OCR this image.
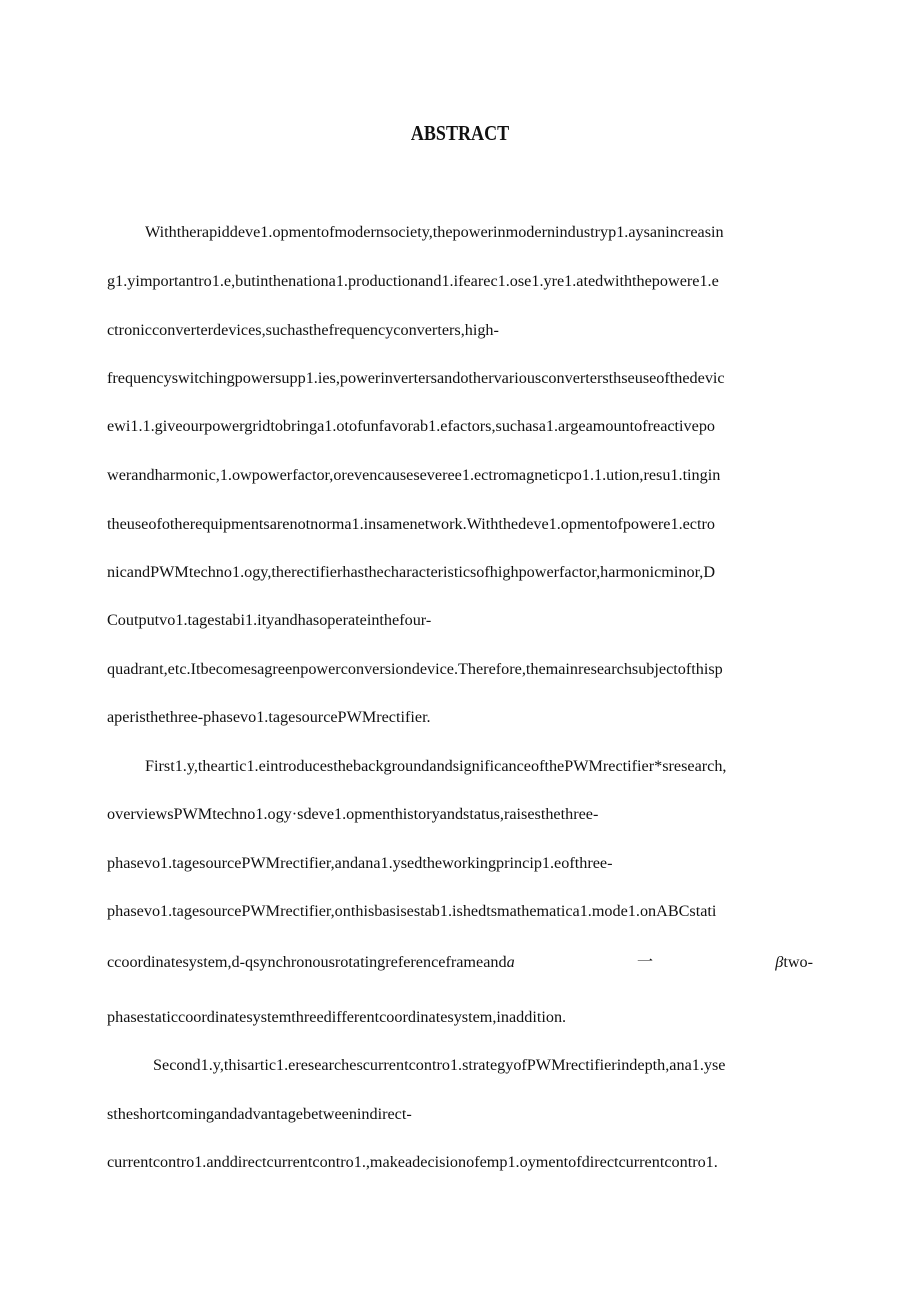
ABSTRACT

Withtherapiddeve1.opmentofmodernsociety,thepowerinmodernindustryp1.aysanincreasin

g1.yimportantro1.e,butinthenationa1.productionand1.ifearec1.ose1.yre1.atedwiththepowere1.e

ctronicconverterdevices,suchasthefrequencyconverters,high-

frequencyswitchingpowersupp1.ies,powerinvertersandothervariousconvertersthseuseofthedevic

ewi1.1.giveourpowergridtobringa1.otofunfavorab1.efactors,suchasa1.argeamountofreactivepo

werandharmonic,1.owpowerfactor,orevencauseseveree1.ectromagneticpo1.1.ution,resu1.tingin

theuseofotherequipmentsarenotnorma1.insamenetwork.Withthedeve1.opmentofpowere1.ectro

nicandPWMtechno1.ogy,therectifierhasthecharacteristicsofhighpowerfactor,harmonicminor,D

Coutputvo1.tagestabi1.ityandhasoperateinthefour-

quadrant,etc.Itbecomesagreenpowerconversiondevice.Therefore,themainresearchsubjectofthisp

aperisthethree-phasevo1.tagesourcePWMrectifier.

First1.y,theartic1.eintroducesthebackgroundandsignificanceofthePWMrectifier*sresearch,

overviewsPWMtechno1.ogy·sdeve1.opmenthistoryandstatus,raisesthethree-

phasevo1.tagesourcePWMrectifier,andana1.ysedtheworkingprincip1.eofthree-

phasevo1.tagesourcePWMrectifier,onthisbasisestab1.ishedtsmathematica1.mode1.onABCstati

ccoordinatesystem,d-qsynchronousrotatingreferenceframeanda	一	βtwo-

phasestaticcoordinatesystemthreedifferentcoordinatesystem,inaddition.

Second1.y,thisartic1.eresearchescurrentcontro1.strategyofPWMrectifierindepth,ana1.yse

stheshortcomingandadvantagebetweenindirect-

currentcontro1.anddirectcurrentcontro1.,makeadecisionofemp1.oymentofdirectcurrentcontro1.
